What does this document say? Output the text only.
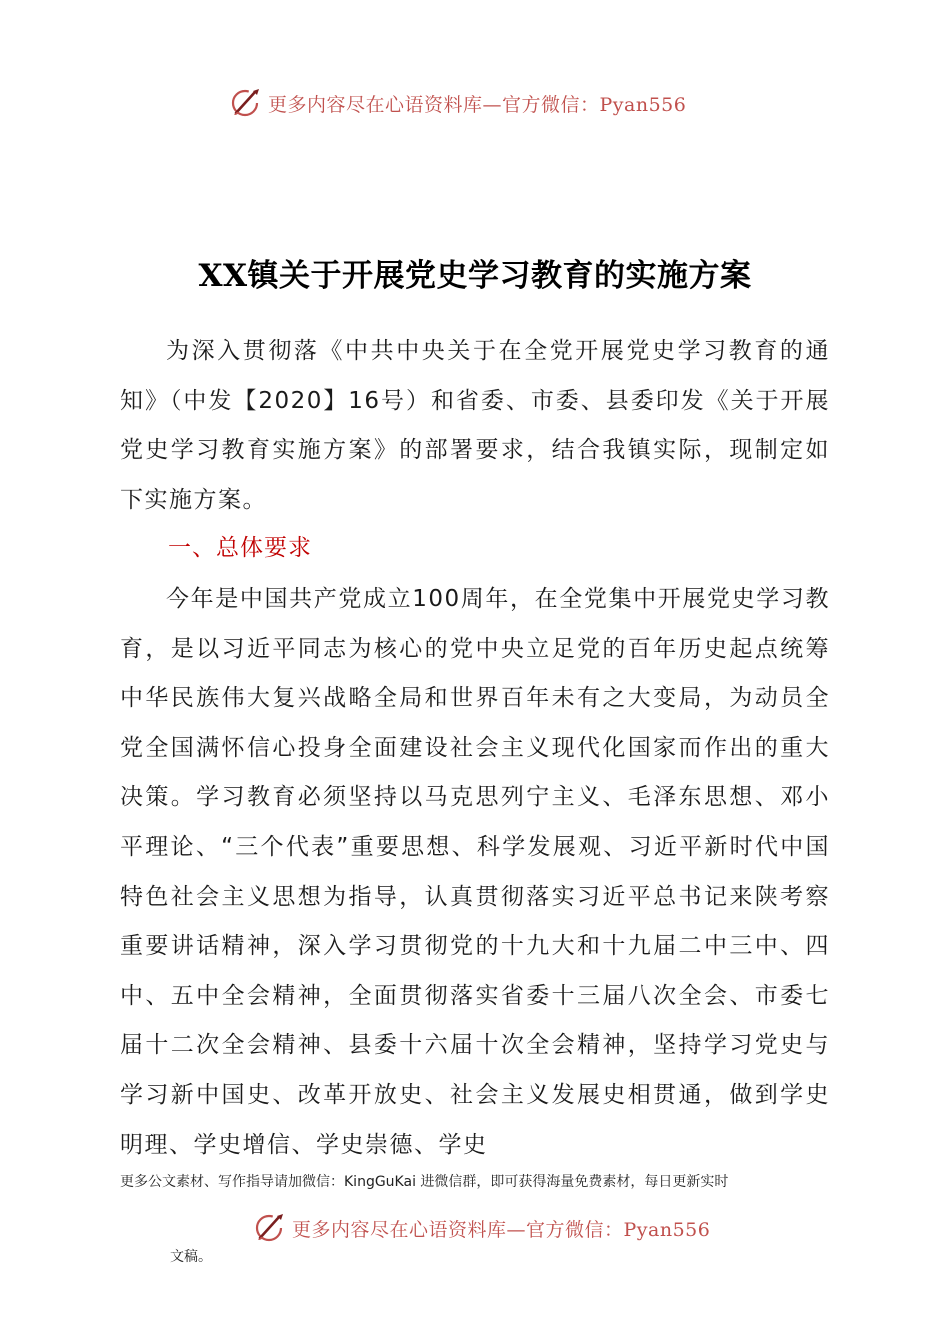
更多内容尽在心语资料库—官方微信：Pyan556
XX镇关于开展党史学习教育的实施方案

为深入贯彻落《中共中央关于在全党开展党史学习教育的通知》（中发【2020】16号）和省委、市委、县委印发《关于开展党史学习教育实施方案》的部署要求，结合我镇实际，现制定如下实施方案。

一、总体要求

今年是中国共产党成立100周年，在全党集中开展党史学习教育，是以习近平同志为核心的党中央立足党的百年历史起点统筹中华民族伟大复兴战略全局和世界百年未有之大变局，为动员全党全国满怀信心投身全面建设社会主义现代化国家而作出的重大决策。学习教育必须坚持以马克思列宁主义、毛泽东思想、邓小平理论、“三个代表”重要思想、科学发展观、习近平新时代中国特色社会主义思想为指导，认真贯彻落实习近平总书记来陕考察重要讲话精神，深入学习贯彻党的十九大和十九届二中三中、四中、五中全会精神，全面贯彻落实省委十三届八次全会、市委七届十二次全会精神、县委十六届十次全会精神，坚持学习党史与学习新中国史、改革开放史、社会主义发展史相贯通，做到学史明理、学史增信、学史崇德、学史

更多公文素材、写作指导请加微信：KingGuKai 进微信群，即可获得海量免费素材，每日更新实时
更多内容尽在心语资料库—官方微信：Pyan556
文稿。
